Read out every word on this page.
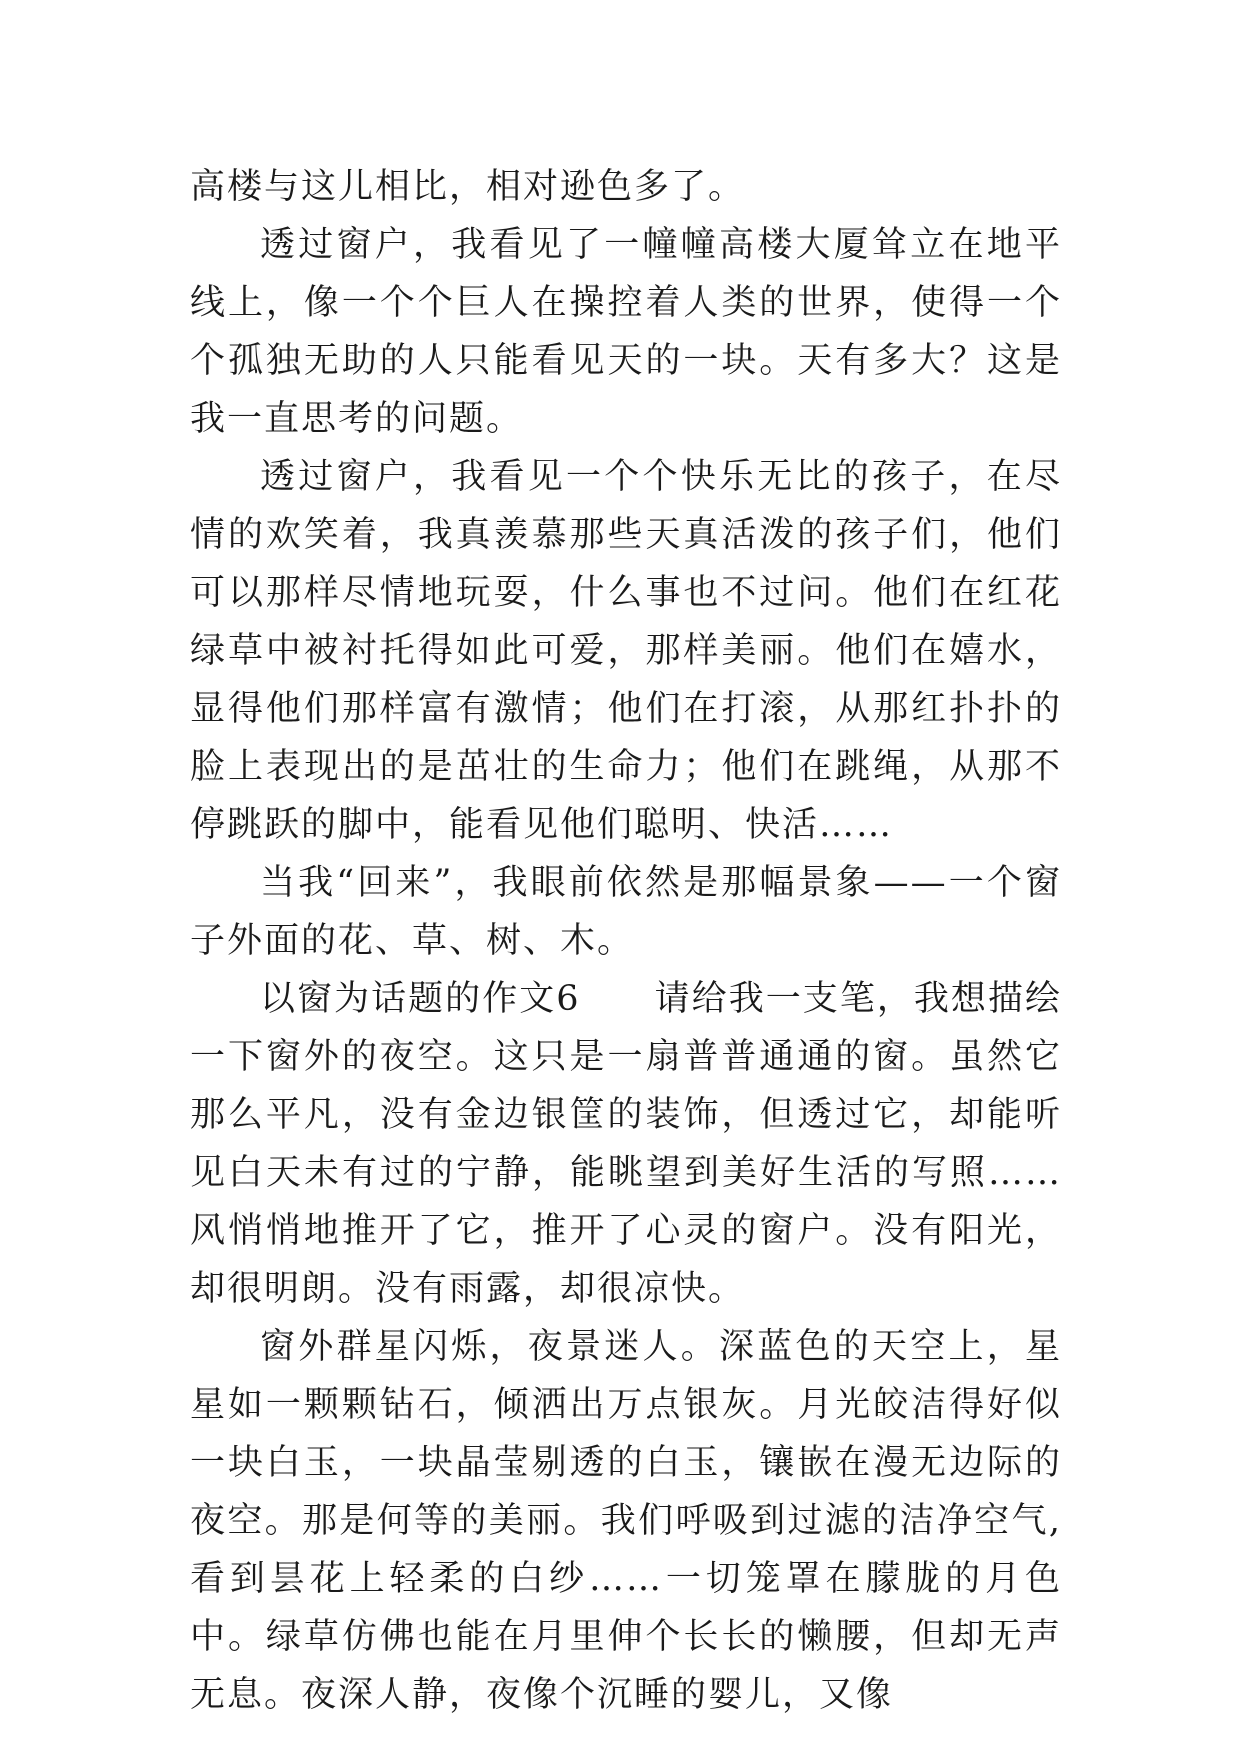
高楼与这儿相比，相对逊色多了。

透过窗户，我看见了一幢幢高楼大厦耸立在地平线上，像一个个巨人在操控着人类的世界，使得一个个孤独无助的人只能看见天的一块。天有多大？这是我一直思考的问题。

透过窗户，我看见一个个快乐无比的孩子，在尽情的欢笑着，我真羡慕那些天真活泼的孩子们，他们可以那样尽情地玩耍，什么事也不过问。他们在红花绿草中被衬托得如此可爱，那样美丽。他们在嬉水，显得他们那样富有激情；他们在打滚，从那红扑扑的脸上表现出的是茁壮的生命力；他们在跳绳，从那不停跳跃的脚中，能看见他们聪明、快活……

当我“回来”，我眼前依然是那幅景象——一个窗子外面的花、草、树、木。

以窗为话题的作文6　　请给我一支笔，我想描绘一下窗外的夜空。这只是一扇普普通通的窗。虽然它那么平凡，没有金边银筐的装饰，但透过它，却能听见白天未有过的宁静，能眺望到美好生活的写照……风悄悄地推开了它，推开了心灵的窗户。没有阳光，却很明朗。没有雨露，却很凉快。

窗外群星闪烁，夜景迷人。深蓝色的天空上，星星如一颗颗钻石，倾洒出万点银灰。月光皎洁得好似一块白玉，一块晶莹剔透的白玉，镶嵌在漫无边际的夜空。那是何等的美丽。我们呼吸到过滤的洁净空气,看到昙花上轻柔的白纱……一切笼罩在朦胧的月色中。绿草仿佛也能在月里伸个长长的懒腰，但却无声无息。夜深人静，夜像个沉睡的婴儿，又像
